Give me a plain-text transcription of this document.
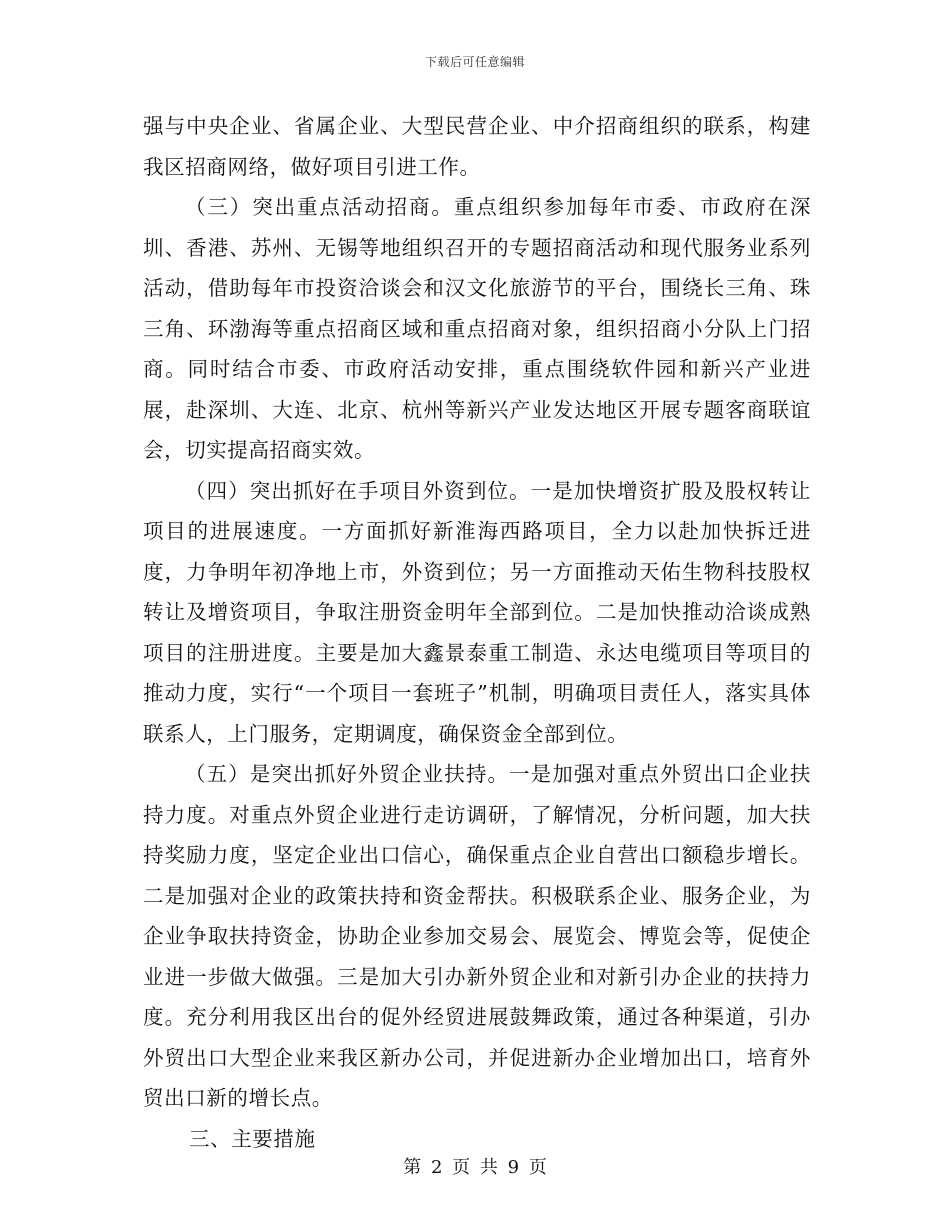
下载后可任意编辑

强与中央企业、省属企业、大型民营企业、中介招商组织的联系，构建我区招商网络，做好项目引进工作。

（三）突出重点活动招商。重点组织参加每年市委、市政府在深圳、香港、苏州、无锡等地组织召开的专题招商活动和现代服务业系列活动，借助每年市投资洽谈会和汉文化旅游节的平台，围绕长三角、珠三角、环渤海等重点招商区域和重点招商对象，组织招商小分队上门招商。同时结合市委、市政府活动安排，重点围绕软件园和新兴产业进展，赴深圳、大连、北京、杭州等新兴产业发达地区开展专题客商联谊会，切实提高招商实效。

（四）突出抓好在手项目外资到位。一是加快增资扩股及股权转让项目的进展速度。一方面抓好新淮海西路项目，全力以赴加快拆迁进度，力争明年初净地上市，外资到位；另一方面推动天佑生物科技股权转让及增资项目，争取注册资金明年全部到位。二是加快推动洽谈成熟项目的注册进度。主要是加大鑫景泰重工制造、永达电缆项目等项目的推动力度，实行“一个项目一套班子”机制，明确项目责任人，落实具体联系人，上门服务，定期调度，确保资金全部到位。

（五）是突出抓好外贸企业扶持。一是加强对重点外贸出口企业扶持力度。对重点外贸企业进行走访调研，了解情况，分析问题，加大扶持奖励力度，坚定企业出口信心，确保重点企业自营出口额稳步增长。二是加强对企业的政策扶持和资金帮扶。积极联系企业、服务企业，为企业争取扶持资金，协助企业参加交易会、展览会、博览会等，促使企业进一步做大做强。三是加大引办新外贸企业和对新引办企业的扶持力度。充分利用我区出台的促外经贸进展鼓舞政策，通过各种渠道，引办外贸出口大型企业来我区新办公司，并促进新办企业增加出口，培育外贸出口新的增长点。

三、主要措施

第 2 页 共 9 页
